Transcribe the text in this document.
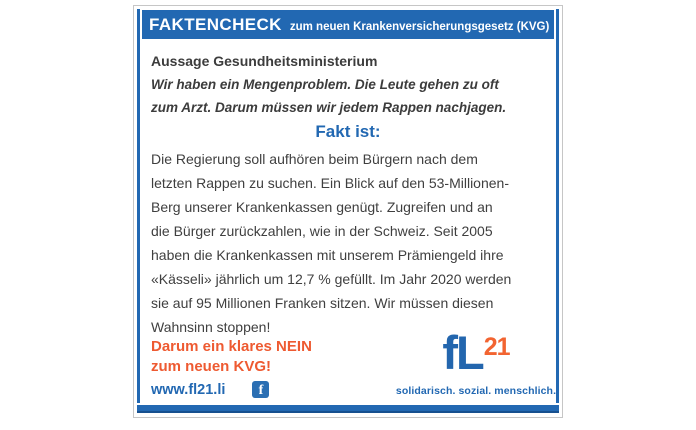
FAKTENCHECK zum neuen Krankenversicherungsgesetz (KVG)
Aussage Gesundheitsministerium
Wir haben ein Mengenproblem. Die Leute gehen zu oft
zum Arzt. Darum müssen wir jedem Rappen nachjagen.
Fakt ist:
Die Regierung soll aufhören beim Bürgern nach dem
letzten Rappen zu suchen. Ein Blick auf den 53-Millionen-
Berg unserer Krankenkassen genügt. Zugreifen und an
die Bürger zurückzahlen, wie in der Schweiz. Seit 2005
haben die Krankenkassen mit unserem Prämiengeld ihre
«Kässeli» jährlich um 12,7 % gefüllt. Im Jahr 2020 werden
sie auf 95 Millionen Franken sitzen. Wir müssen diesen
Wahnsinn stoppen!
Darum ein klares NEIN
zum neuen KVG!
www.fl21.li	f
fL 21
solidarisch. sozial. menschlich.
